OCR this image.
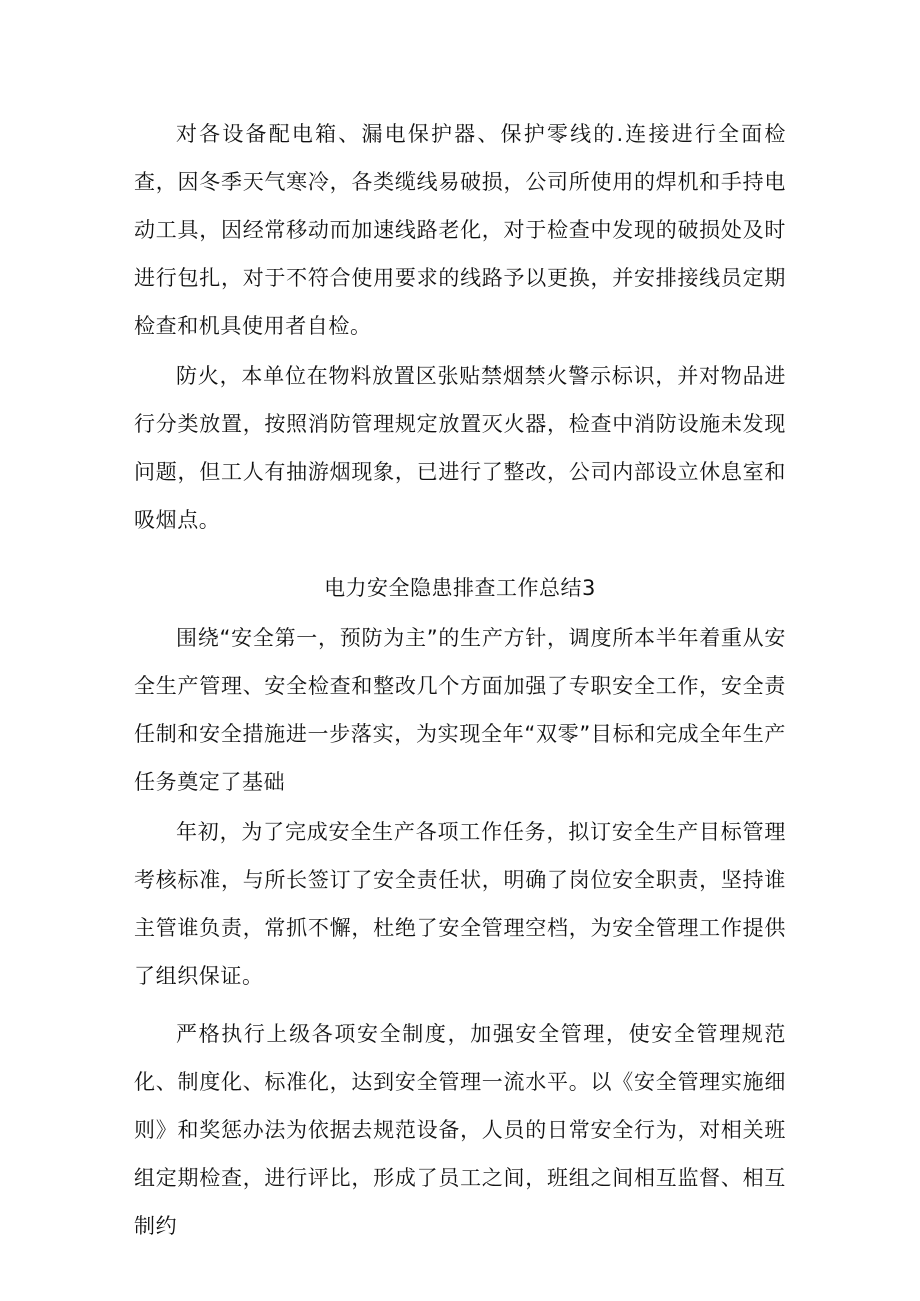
对各设备配电箱、漏电保护器、保护零线的.连接进行全面检查，因冬季天气寒冷，各类缆线易破损，公司所使用的焊机和手持电动工具，因经常移动而加速线路老化，对于检查中发现的破损处及时进行包扎，对于不符合使用要求的线路予以更换，并安排接线员定期检查和机具使用者自检。

防火，本单位在物料放置区张贴禁烟禁火警示标识，并对物品进行分类放置，按照消防管理规定放置灭火器，检查中消防设施未发现问题，但工人有抽游烟现象，已进行了整改，公司内部设立休息室和吸烟点。

电力安全隐患排查工作总结3

围绕“安全第一，预防为主”的生产方针，调度所本半年着重从安全生产管理、安全检查和整改几个方面加强了专职安全工作，安全责任制和安全措施进一步落实，为实现全年“双零”目标和完成全年生产任务奠定了基础

年初，为了完成安全生产各项工作任务，拟订安全生产目标管理考核标准，与所长签订了安全责任状，明确了岗位安全职责，坚持谁主管谁负责，常抓不懈，杜绝了安全管理空档，为安全管理工作提供了组织保证。

严格执行上级各项安全制度，加强安全管理，使安全管理规范化、制度化、标准化，达到安全管理一流水平。以《安全管理实施细则》和奖惩办法为依据去规范设备，人员的日常安全行为，对相关班组定期检查，进行评比，形成了员工之间，班组之间相互监督、相互制约
